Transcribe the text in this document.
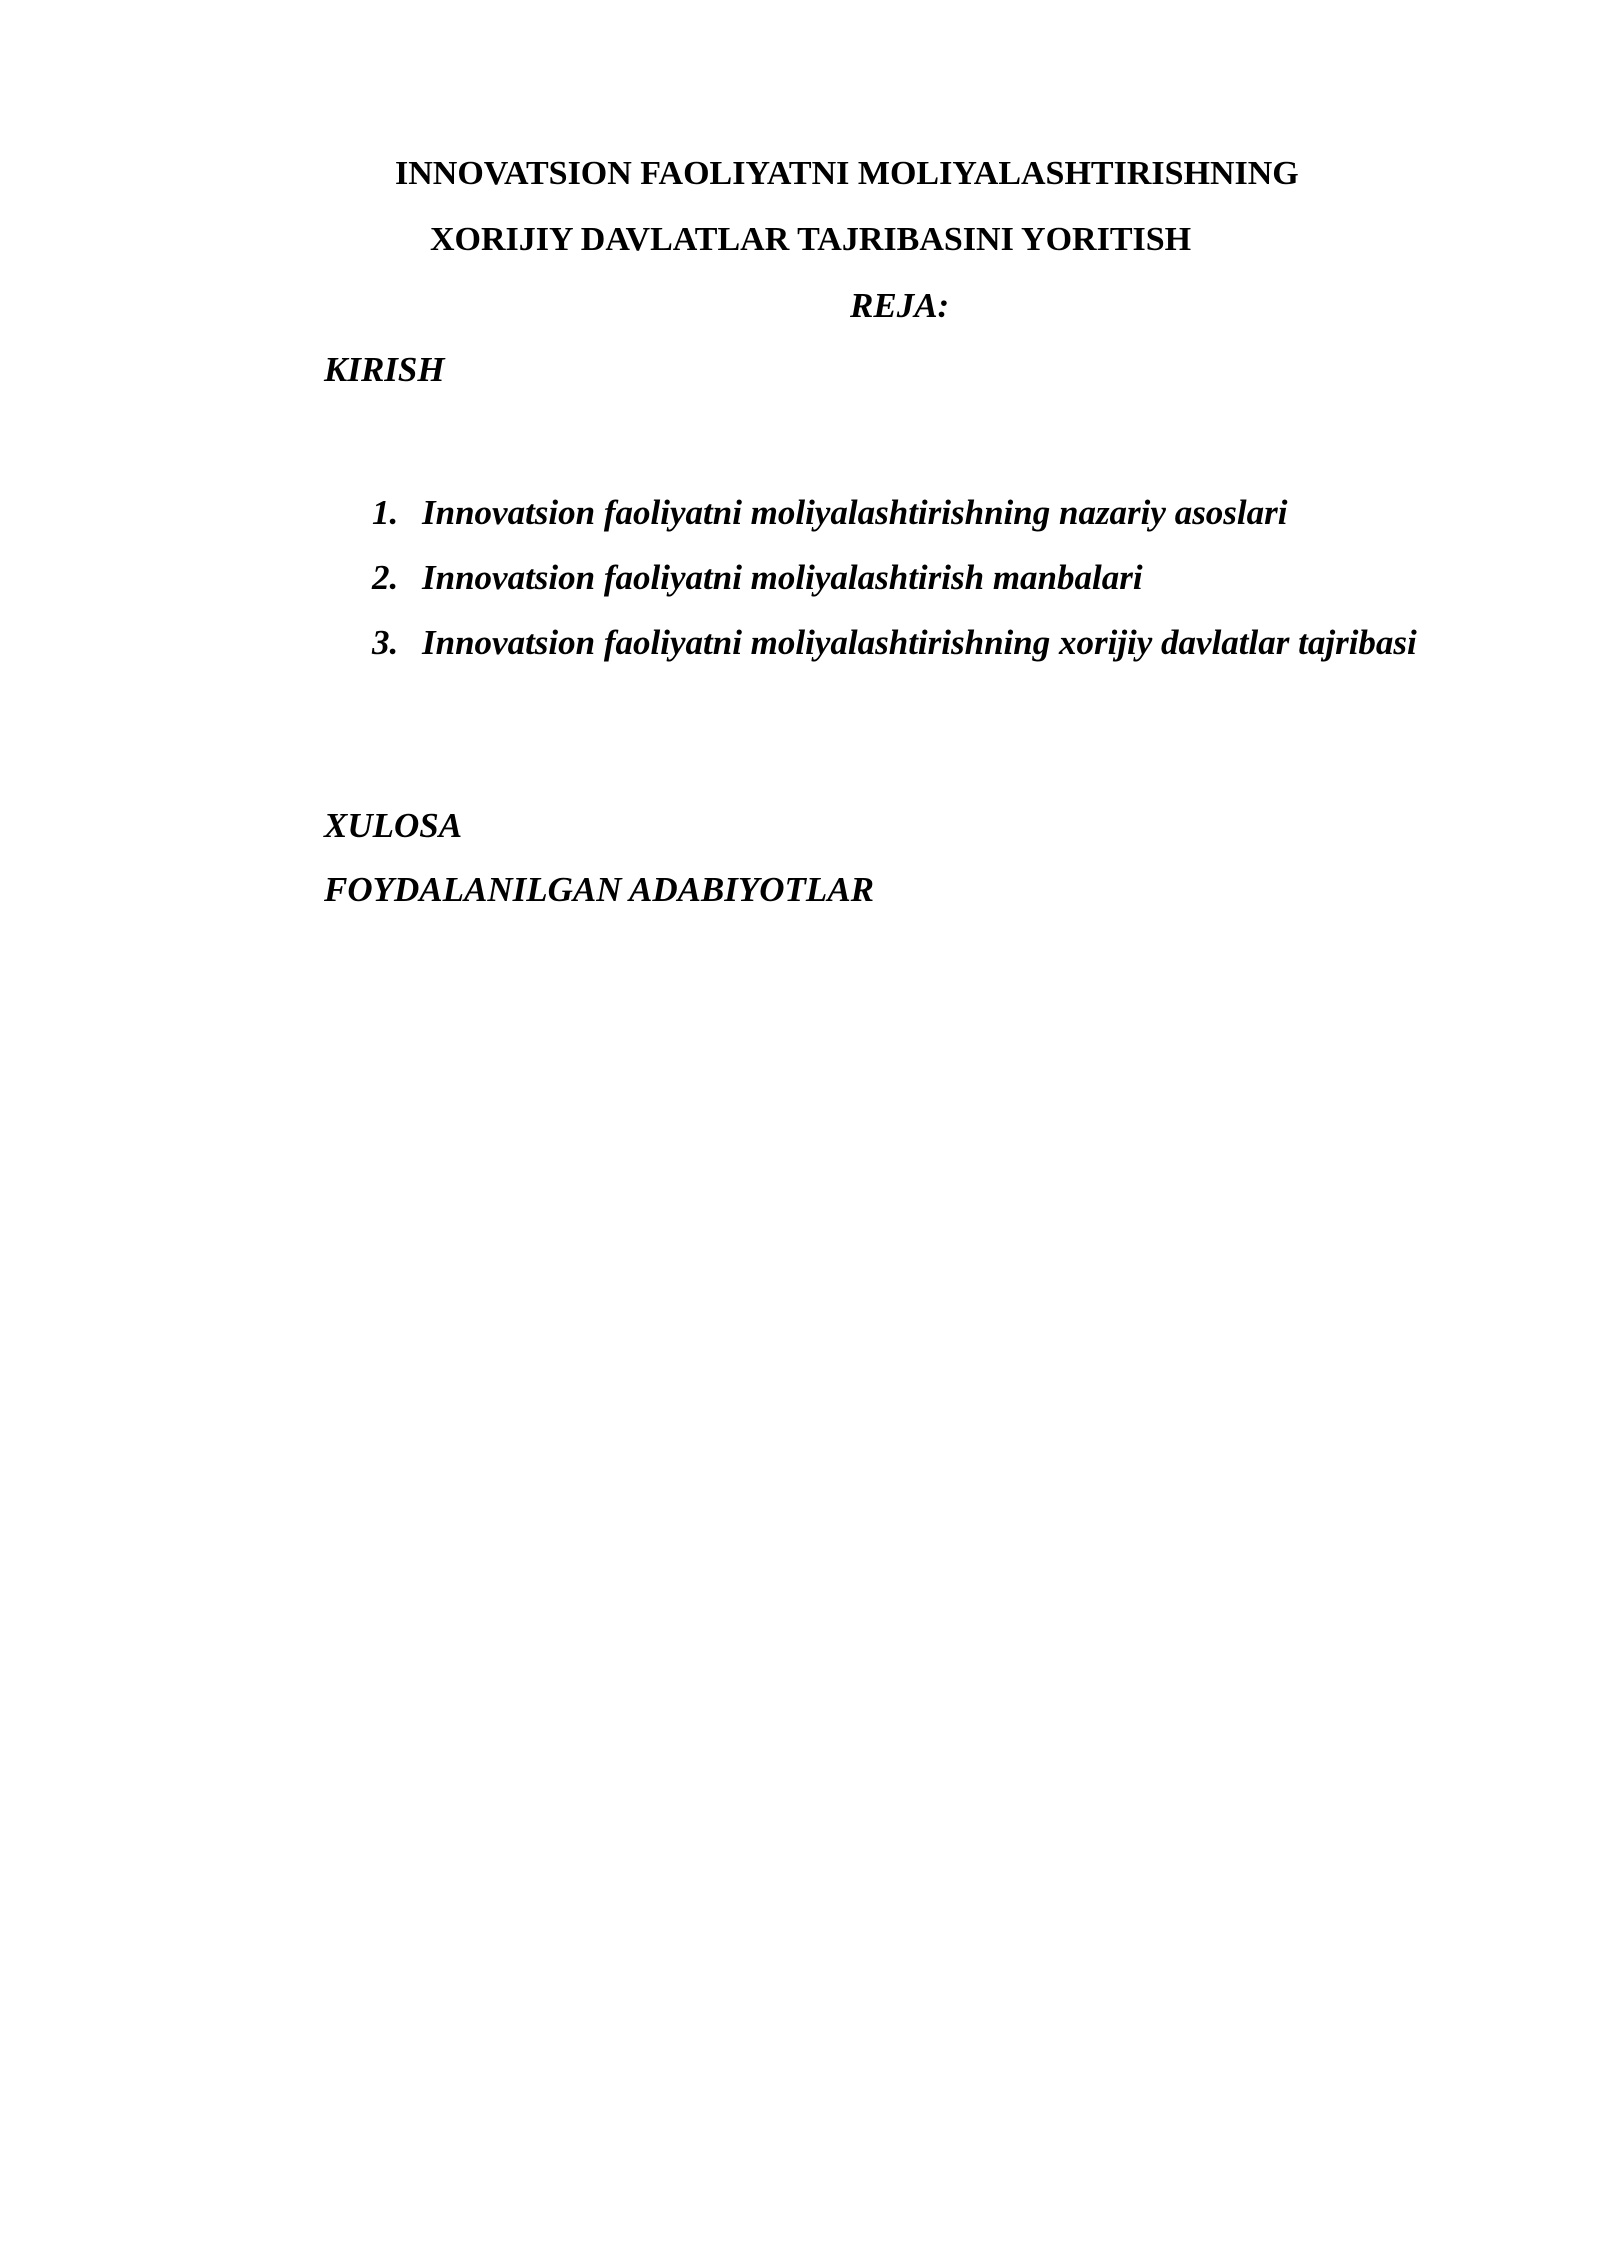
INNOVATSION FAOLIYATNI MOLIYALASHTIRISHNING
XORIJIY DAVLATLAR TAJRIBASINI YORITISH
REJA:
KIRISH
1. Innovatsion faoliyatni moliyalashtirishning nazariy asoslari
2. Innovatsion faoliyatni moliyalashtirish manbalari
3. Innovatsion faoliyatni moliyalashtirishning xorijiy davlatlar tajribasi
XULOSA
FOYDALANILGAN ADABIYOTLAR
